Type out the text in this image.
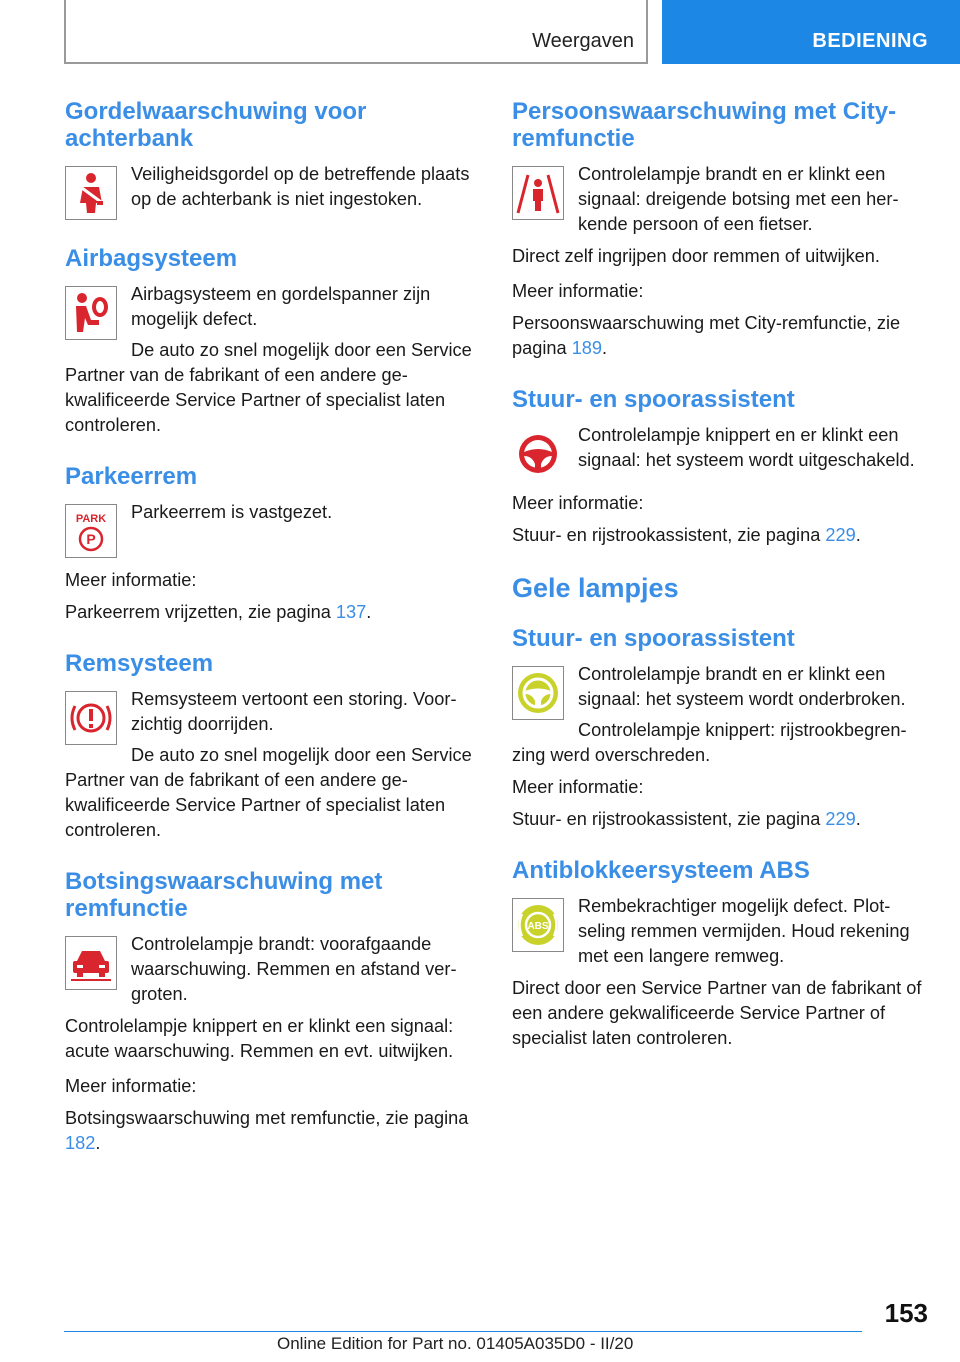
Weergaven	BEDIENING
Gordelwaarschuwing voor achterbank

Veiligheidsgordel op de betreffende plaats op de achterbank is niet ingestoken.

Airbagsysteem

Airbagsysteem en gordelspanner zijn mogelijk defect.

De auto zo snel mogelijk door een Service Partner van de fabrikant of een andere gekwalificeerde Service Partner of specialist laten controleren.

Parkeerrem
PARK
P

Parkeerrem is vastgezet.

Meer informatie:

Parkeerrem vrijzetten, zie pagina 137.

Remsysteem

Remsysteem vertoont een storing. Voorzichtig doorrijden.

De auto zo snel mogelijk door een Service Partner van de fabrikant of een andere gekwalificeerde Service Partner of specialist laten controleren.

Botsingswaarschuwing met remfunctie

Controlelampje brandt: voorafgaande waarschuwing. Remmen en afstand vergroten.

Controlelampje knippert en er klinkt een signaal: acute waarschuwing. Remmen en evt. uitwijken.

Meer informatie:

Botsingswaarschuwing met remfunctie, zie pagina 182.

Persoonswaarschuwing met City-remfunctie

Controlelampje brandt en er klinkt een signaal: dreigende botsing met een herkende persoon of een fietser.

Direct zelf ingrijpen door remmen of uitwijken.

Meer informatie:

Persoonswaarschuwing met City-remfunctie, zie pagina 189.

Stuur- en spoorassistent

Controlelampje knippert en er klinkt een signaal: het systeem wordt uitgeschakeld.

Meer informatie:

Stuur- en rijstrookassistent, zie pagina 229.

Gele lampjes
Stuur- en spoorassistent

Controlelampje brandt en er klinkt een signaal: het systeem wordt onderbroken.

Controlelampje knippert: rijstrookbegrenzing werd overschreden.

Meer informatie:

Stuur- en rijstrookassistent, zie pagina 229.

Antiblokkeersysteem ABS
ABS

Rembekrachtiger mogelijk defect. Plotseling remmen vermijden. Houd rekening met een langere remweg.

Direct door een Service Partner van de fabrikant of een andere gekwalificeerde Service Partner of specialist laten controleren.

153
Online Edition for Part no. 01405A035D0 - II/20
